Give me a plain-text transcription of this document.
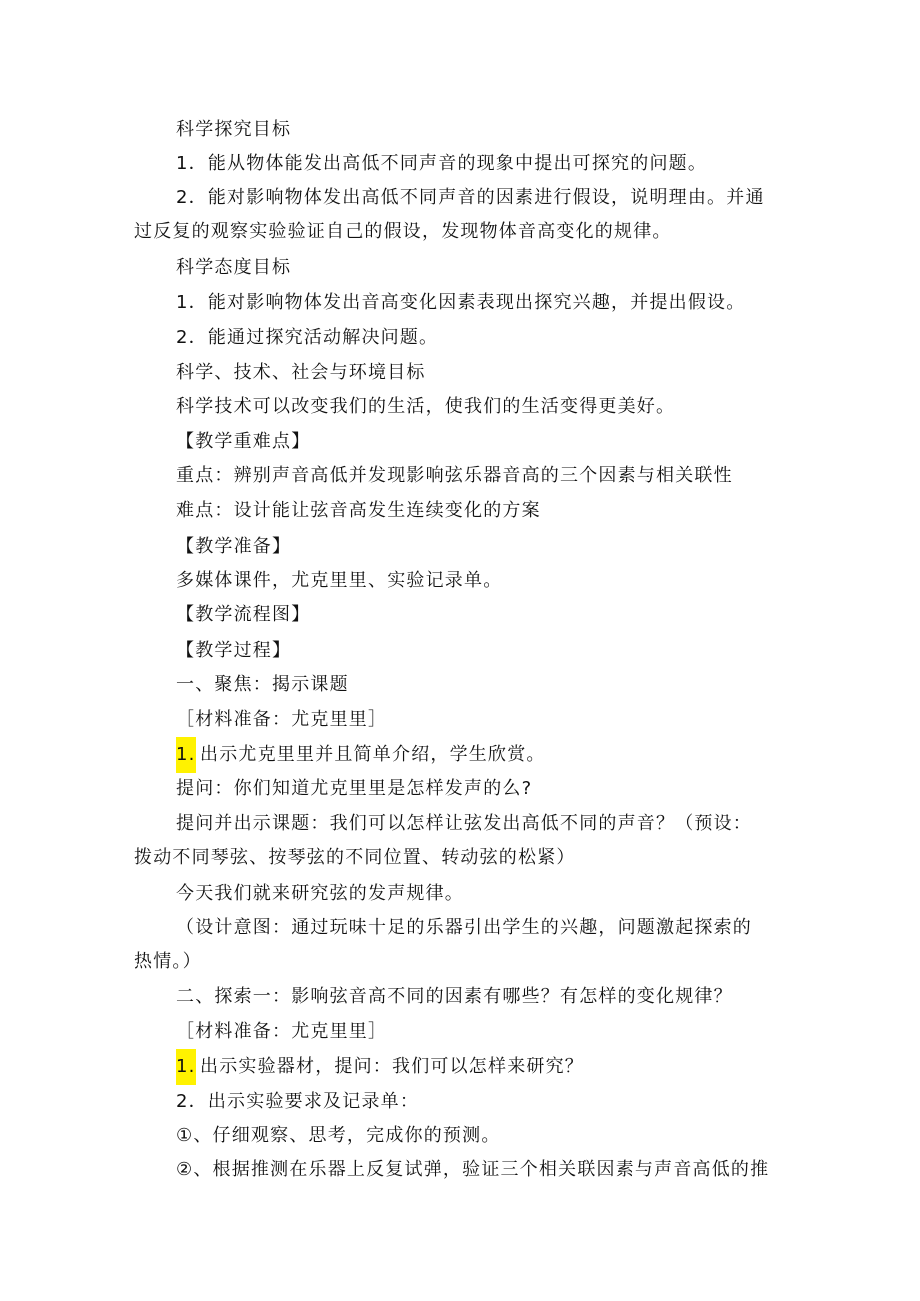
科学探究目标
1．能从物体能发出高低不同声音的现象中提出可探究的问题。
2．能对影响物体发出高低不同声音的因素进行假设，说明理由。并通
过反复的观察实验验证自己的假设，发现物体音高变化的规律。
科学态度目标
1．能对影响物体发出音高变化因素表现出探究兴趣，并提出假设。
2．能通过探究活动解决问题。
科学、技术、社会与环境目标
科学技术可以改变我们的生活，使我们的生活变得更美好。
【教学重难点】
重点：辨别声音高低并发现影响弦乐器音高的三个因素与相关联性
难点：设计能让弦音高发生连续变化的方案
【教学准备】
多媒体课件，尤克里里、实验记录单。
【教学流程图】
【教学过程】
一、聚焦：揭示课题
［材料准备：尤克里里］
1. 出示尤克里里并且简单介绍，学生欣赏。
提问：你们知道尤克里里是怎样发声的么?
提问并出示课题：我们可以怎样让弦发出高低不同的声音？（预设：
拨动不同琴弦、按琴弦的不同位置、转动弦的松紧）
今天我们就来研究弦的发声规律。
（设计意图：通过玩味十足的乐器引出学生的兴趣，问题激起探索的
热情。）
二、探索一：影响弦音高不同的因素有哪些？有怎样的变化规律？
［材料准备：尤克里里］
1. 出示实验器材，提问：我们可以怎样来研究？
2．出示实验要求及记录单：
①、仔细观察、思考，完成你的预测。
②、根据推测在乐器上反复试弹，验证三个相关联因素与声音高低的推
